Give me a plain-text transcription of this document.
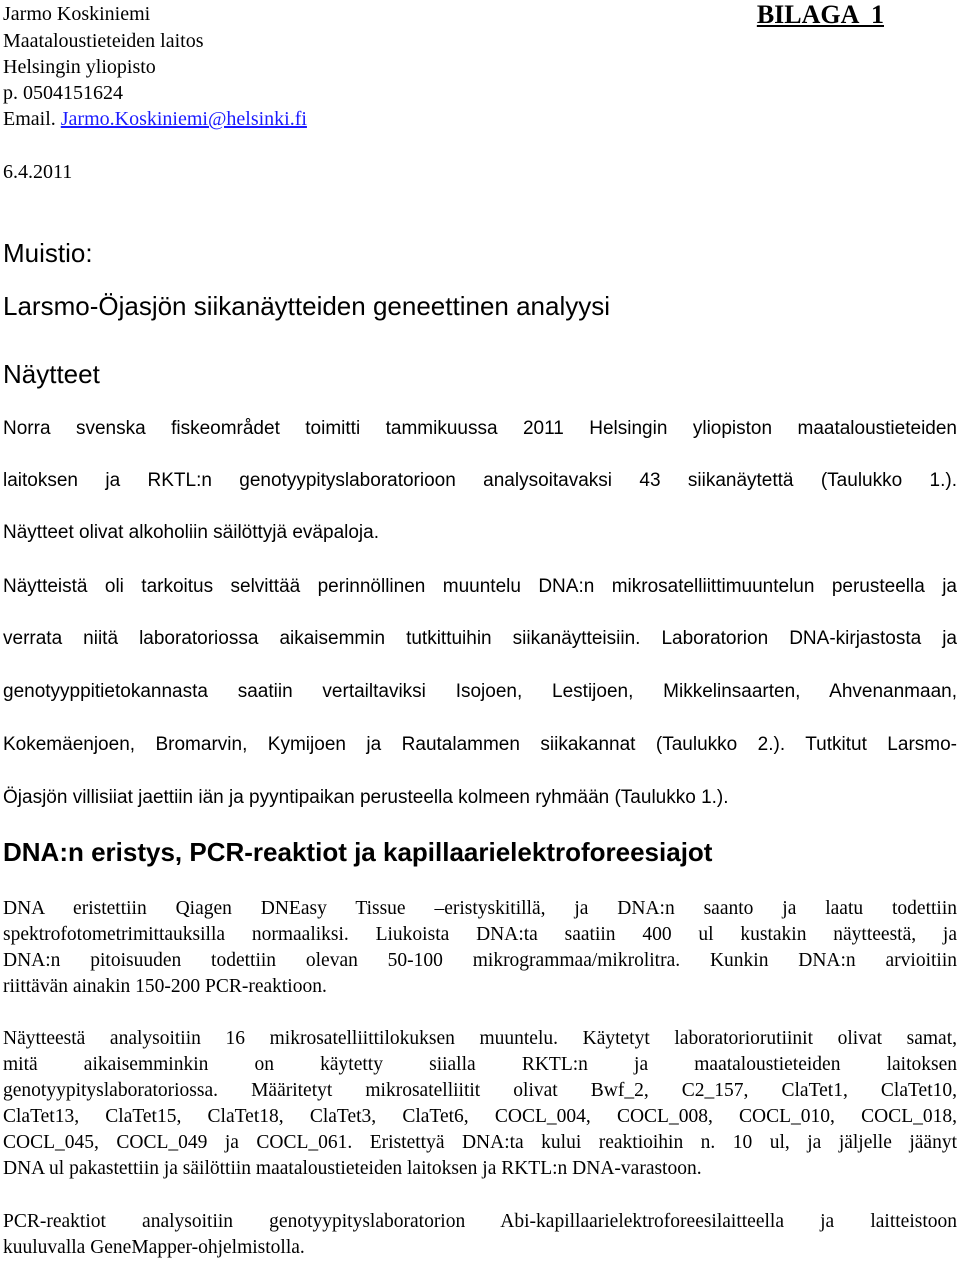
Jarmo Koskiniemi
Maataloustieteiden laitos
Helsingin yliopisto
p. 0504151624
Email. Jarmo.Koskiniemi@helsinki.fi
6.4.2011
BILAGA  1
Muistio:
Larsmo-Öjasjön siikanäytteiden geneettinen analyysi
Näytteet
Norra svenska fiskeområdet toimitti tammikuussa 2011 Helsingin yliopiston maataloustieteiden
laitoksen ja RKTL:n genotyypityslaboratorioon analysoitavaksi 43 siikanäytettä (Taulukko 1.).
Näytteet olivat alkoholiin säilöttyjä eväpaloja.
Näytteistä oli tarkoitus selvittää perinnöllinen muuntelu DNA:n mikrosatelliittimuuntelun perusteella ja
verrata niitä laboratoriossa aikaisemmin tutkittuihin siikanäytteisiin. Laboratorion DNA-kirjastosta ja
genotyyppitietokannasta saatiin vertailtaviksi Isojoen, Lestijoen, Mikkelinsaarten, Ahvenanmaan,
Kokemäenjoen, Bromarvin, Kymijoen ja Rautalammen siikakannat (Taulukko 2.). Tutkitut Larsmo-
Öjasjön villisiiat jaettiin iän ja pyyntipaikan perusteella kolmeen ryhmään (Taulukko 1.).
DNA:n eristys, PCR-reaktiot ja kapillaarielektroforeesiajot
DNA eristettiin Qiagen DNEasy Tissue –eristyskitillä, ja DNA:n saanto ja laatu todettiin
spektrofotometrimittauksilla normaaliksi. Liukoista DNA:ta saatiin 400 ul kustakin näytteestä, ja
DNA:n pitoisuuden todettiin olevan 50-100 mikrogrammaa/mikrolitra. Kunkin DNA:n arvioitiin
riittävän ainakin 150-200 PCR-reaktioon.
Näytteestä analysoitiin 16 mikrosatelliittilokuksen muuntelu. Käytetyt laboratoriorutiinit olivat samat,
mitä aikaisemminkin on käytetty siialla RKTL:n ja maataloustieteiden laitoksen
genotyypityslaboratoriossa. Määritetyt mikrosatelliitit olivat Bwf_2, C2_157, ClaTet1, ClaTet10,
ClaTet13, ClaTet15, ClaTet18, ClaTet3, ClaTet6, COCL_004, COCL_008, COCL_010, COCL_018,
COCL_045, COCL_049 ja COCL_061. Eristettyä DNA:ta kului reaktioihin n. 10 ul, ja jäljelle jäänyt
DNA ul pakastettiin ja säilöttiin maataloustieteiden laitoksen ja RKTL:n DNA-varastoon.
PCR-reaktiot analysoitiin genotyypityslaboratorion Abi-kapillaarielektroforeesilaitteella ja laitteistoon
kuuluvalla GeneMapper-ohjelmistolla.
